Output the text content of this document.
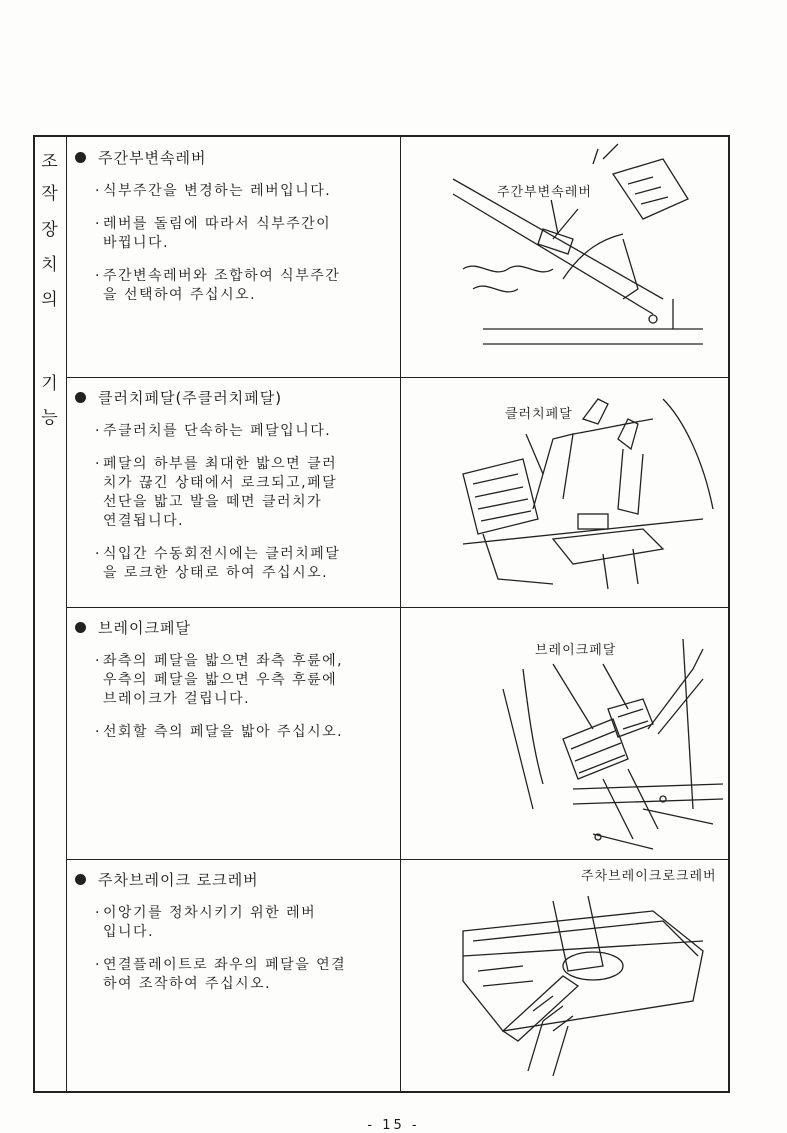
조
작
장
치
의
기
능
주간부변속레버
· 식부주간을 변경하는 레버입니다.
· 레버를 돌림에 따라서 식부주간이
바뀝니다.
· 주간변속레버와 조합하여 식부주간
을 선택하여 주십시오.
주간부변속레버
클러치페달(주클러치페달)
· 주클러치를 단속하는 페달입니다.
· 페달의 하부를 최대한 밟으면 클러
치가 끊긴 상태에서 로크되고,페달
선단을 밟고 발을 떼면 클러치가
연결됩니다.
· 식입간 수동회전시에는 클러치페달
을 로크한 상태로 하여 주십시오.
클러치페달
브레이크페달
· 좌측의 페달을 밟으면 좌측 후륜에,
우측의 페달을 밟으면 우측 후륜에
브레이크가 걸립니다.
· 선회할 측의 페달을 밟아 주십시오.
브레이크페달
주차브레이크 로크레버
· 이앙기를 정차시키기 위한 레버
입니다.
· 연결플레이트로 좌우의 페달을 연결
하여 조작하여 주십시오.
주차브레이크로크레버
- 15 -
